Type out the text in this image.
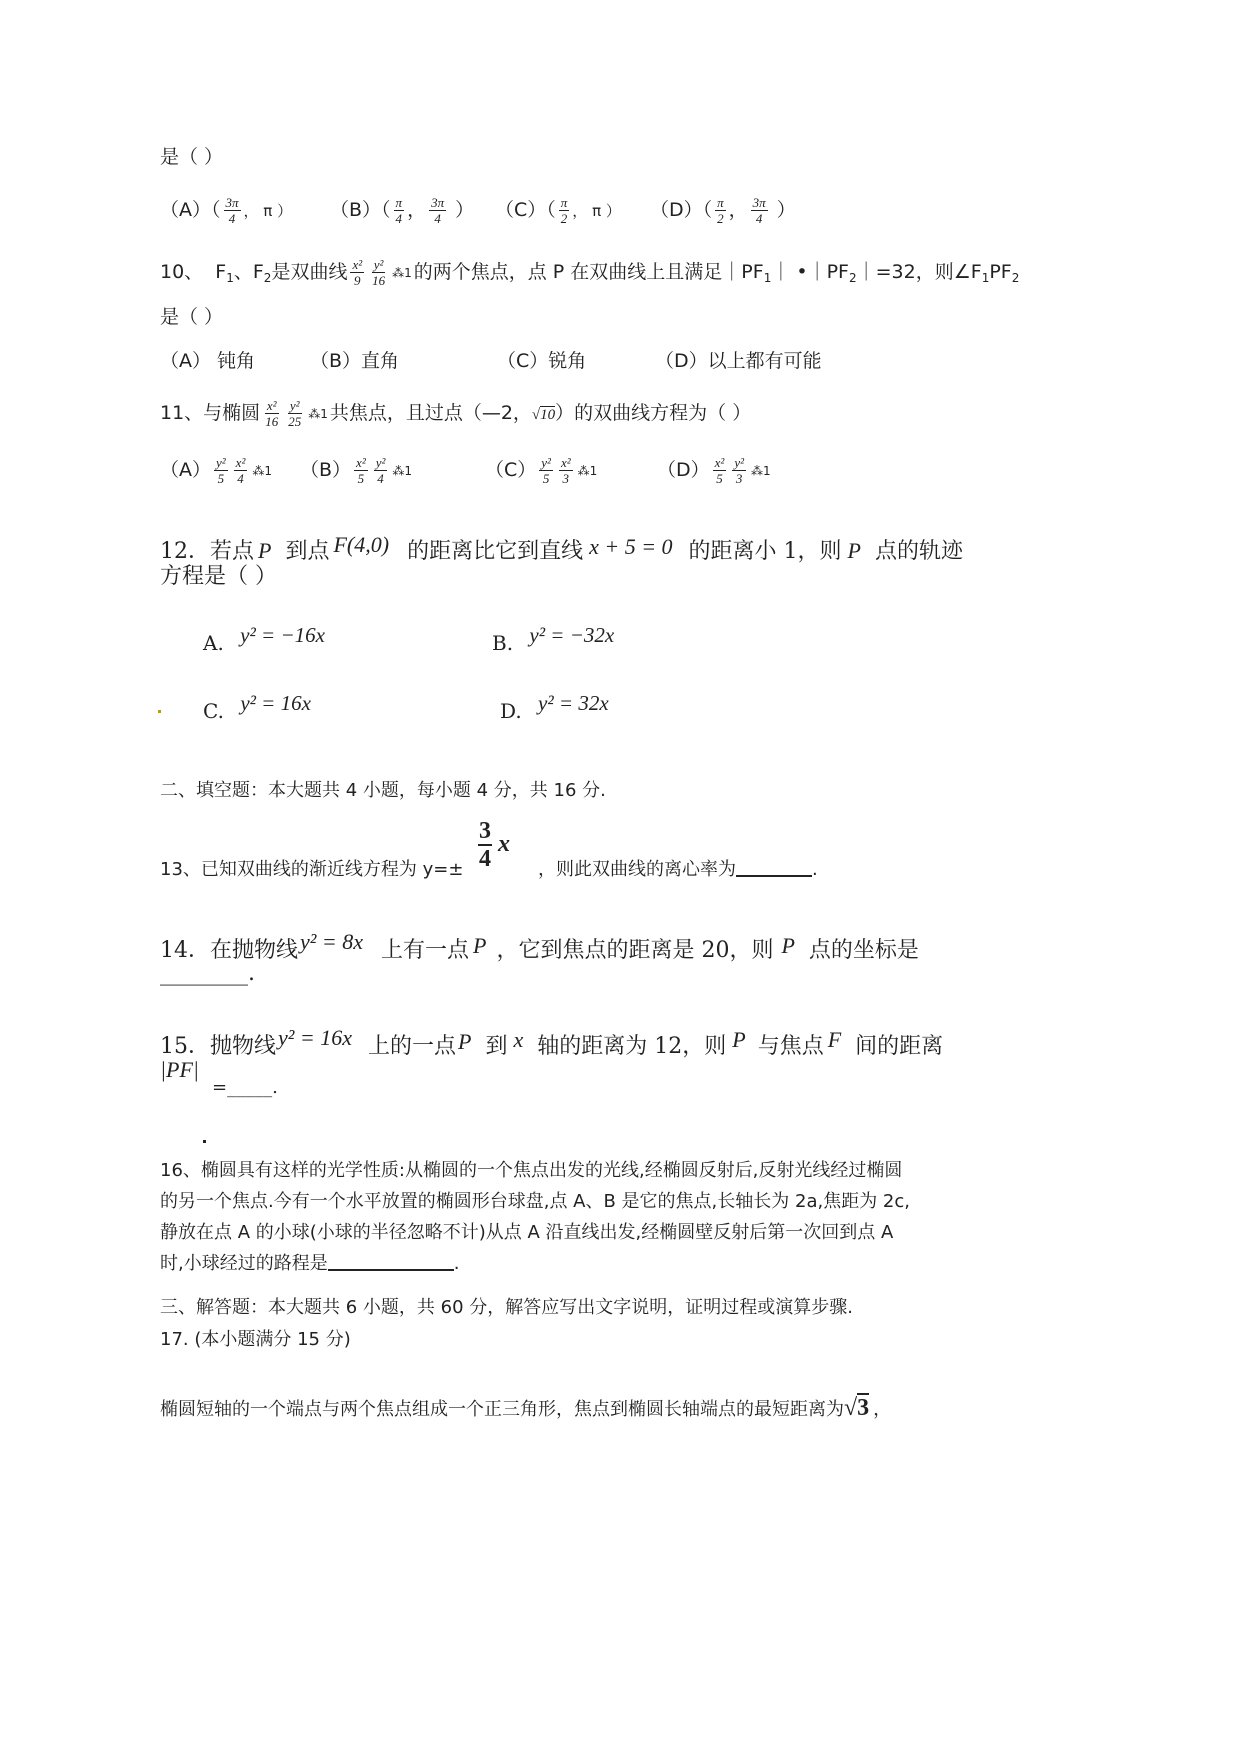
是（ ）
$(A)( \frac{3\pi}{4}$ ， π ） $(B)( \frac{\pi}{4}$ ， $\frac{3\pi}{4}$ ） $(C)( \frac{\pi}{2}$ ， π ） $(D)( \frac{\pi}{2}$ ， $\frac{3\pi}{4}$ ）
10、 $F_1$、$F_2$是双曲线 $\frac{\text{x²}}{9} \frac{\text{y²}}{16}$ ⁂1 的两个焦点，点 P 在双曲线上且满足$|PF_1|$ $•|PF_2|=32$，则$\angle F_1PF_2$
是（ ）
（A） 钝角	（B）直角	（C）锐角	（D）以上都有可能
11、与椭圆 $\frac{\text{x²}}{16} \frac{\text{y²}}{25}$ ⁂1 共焦点，且过点（—2，√10）的双曲线方程为（ ）
$(A) \frac{\text{y²}}{5} \frac{\text{x²}}{4}$ ⁂1 $(B) \frac{\text{x²}}{5} \frac{\text{y²}}{4}$ ⁂1	$(C) \frac{\text{y²}}{5} \frac{\text{x²}}{3}$ ⁂1	$(D) \frac{\text{x²}}{5} \frac{\text{y²}}{3}$ ⁂1
12．若点 P 到点 F(4,0) 的距离比它到直线 x + 5 = 0 的距离小 1，则 P 点的轨迹
方程是（ ）
A. y² = −16x	B. y² = −32x
C. y² = 16x	D. y² = 32x
二、填空题：本大题共 4 小题，每小题 4 分，共 16 分.
13、已知双曲线的渐近线方程为 y=±
3
4
x
，则此双曲线的离心率为	.
14．在抛物线y² = 8x 上有一点 P ，它到焦点的距离是 20，则 P 点的坐标是
________.
15．抛物线y² = 16x 上的一点P 到 x 轴的距离为 12，则 P 与焦点 F 间的距离
|PF|
=_____.
16、椭圆具有这样的光学性质:从椭圆的一个焦点出发的光线,经椭圆反射后,反射光线经过椭圆
的另一个焦点.今有一个水平放置的椭圆形台球盘,点 A、B 是它的焦点,长轴长为 2a,焦距为 2c,
静放在点 A 的小球(小球的半径忽略不计)从点 A 沿直线出发,经椭圆壁反射后第一次回到点 A
时,小球经过的路程是	.
三、解答题：本大题共 6 小题，共 60 分，解答应写出文字说明，证明过程或演算步骤.
17. (本小题满分 15 分)
椭圆短轴的一个端点与两个焦点组成一个正三角形，焦点到椭圆长轴端点的最短距离为√3 ，
